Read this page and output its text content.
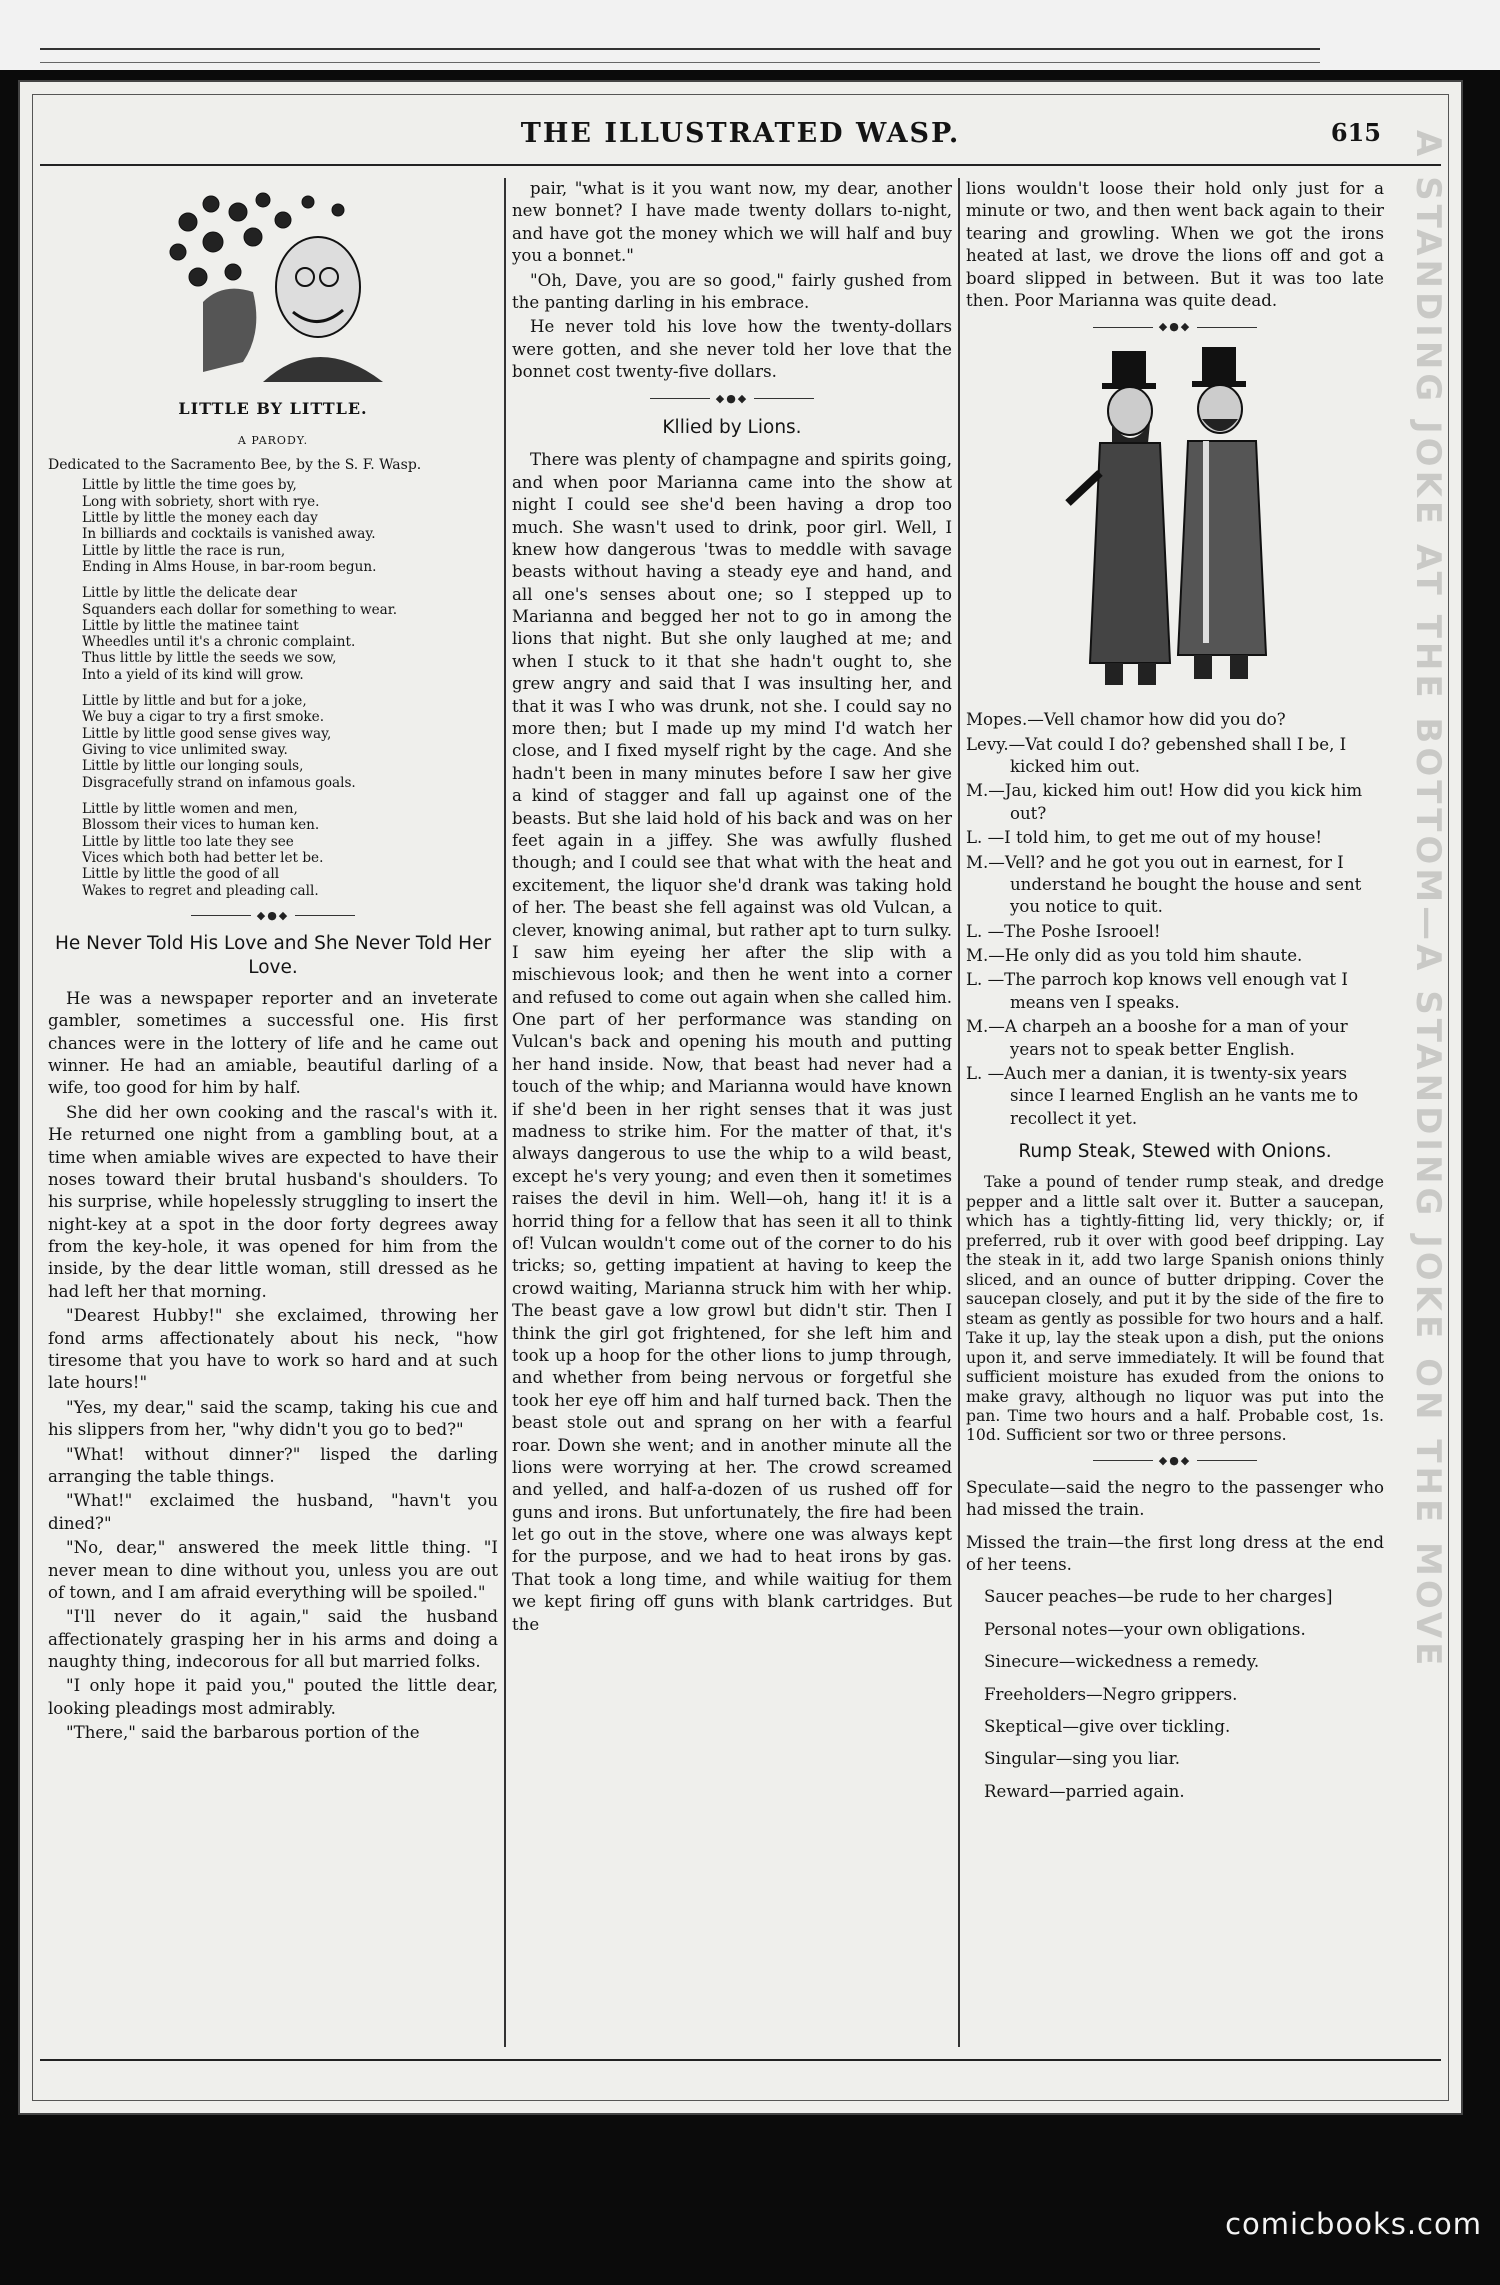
THE ILLUSTRATED WASP.	615
LITTLE BY LITTLE.
A PARODY.

Dedicated to the Sacramento Bee, by the S. F. Wasp.

Little by little the time goes by,
Long with sobriety, short with rye.
Little by little the money each day
In billiards and cocktails is vanished away.
Little by little the race is run,
Ending in Alms House, in bar-room begun.
Little by little the delicate dear
Squanders each dollar for something to wear.
Little by little the matinee taint
Wheedles until it's a chronic complaint.
Thus little by little the seeds we sow,
Into a yield of its kind will grow.
Little by little and but for a joke,
We buy a cigar to try a first smoke.
Little by little good sense gives way,
Giving to vice unlimited sway.
Little by little our longing souls,
Disgracefully strand on infamous goals.
Little by little women and men,
Blossom their vices to human ken.
Little by little too late they see
Vices which both had better let be.
Little by little the good of all
Wakes to regret and pleading call.
◆●◆
He Never Told His Love and She Never Told Her Love.

He was a newspaper reporter and an inveterate gambler, sometimes a successful one. His first chances were in the lottery of life and he came out winner. He had an amiable, beautiful darling of a wife, too good for him by half.

She did her own cooking and the rascal's with it. He returned one night from a gambling bout, at a time when amiable wives are expected to have their noses toward their brutal husband's shoulders. To his surprise, while hopelessly struggling to insert the night-key at a spot in the door forty degrees away from the key-hole, it was opened for him from the inside, by the dear little woman, still dressed as he had left her that morning.

"Dearest Hubby!" she exclaimed, throwing her fond arms affectionately about his neck, "how tiresome that you have to work so hard and at such late hours!"

"Yes, my dear," said the scamp, taking his cue and his slippers from her, "why didn't you go to bed?"

"What! without dinner?" lisped the darling arranging the table things.

"What!" exclaimed the husband, "havn't you dined?"

"No, dear," answered the meek little thing. "I never mean to dine without you, unless you are out of town, and I am afraid everything will be spoiled."

"I'll never do it again," said the husband affectionately grasping her in his arms and doing a naughty thing, indecorous for all but married folks.

"I only hope it paid you," pouted the little dear, looking pleadings most admirably.

"There," said the barbarous portion of the

pair, "what is it you want now, my dear, another new bonnet? I have made twenty dollars to-night, and have got the money which we will half and buy you a bonnet."

"Oh, Dave, you are so good," fairly gushed from the panting darling in his embrace.

He never told his love how the twenty-dollars were gotten, and she never told her love that the bonnet cost twenty-five dollars.

◆●◆
Kllied by Lions.

There was plenty of champagne and spirits going, and when poor Marianna came into the show at night I could see she'd been having a drop too much. She wasn't used to drink, poor girl. Well, I knew how dangerous 'twas to meddle with savage beasts without having a steady eye and hand, and all one's senses about one; so I stepped up to Marianna and begged her not to go in among the lions that night. But she only laughed at me; and when I stuck to it that she hadn't ought to, she grew angry and said that I was insulting her, and that it was I who was drunk, not she. I could say no more then; but I made up my mind I'd watch her close, and I fixed myself right by the cage. And she hadn't been in many minutes before I saw her give a kind of stagger and fall up against one of the beasts. But she laid hold of his back and was on her feet again in a jiffey. She was awfully flushed though; and I could see that what with the heat and excitement, the liquor she'd drank was taking hold of her. The beast she fell against was old Vulcan, a clever, knowing animal, but rather apt to turn sulky. I saw him eyeing her after the slip with a mischievous look; and then he went into a corner and refused to come out again when she called him. One part of her performance was standing on Vulcan's back and opening his mouth and putting her hand inside. Now, that beast had never had a touch of the whip; and Marianna would have known if she'd been in her right senses that it was just madness to strike him. For the matter of that, it's always dangerous to use the whip to a wild beast, except he's very young; and even then it sometimes raises the devil in him. Well—oh, hang it! it is a horrid thing for a fellow that has seen it all to think of! Vulcan wouldn't come out of the corner to do his tricks; so, getting impatient at having to keep the crowd waiting, Marianna struck him with her whip. The beast gave a low growl but didn't stir. Then I think the girl got frightened, for she left him and took up a hoop for the other lions to jump through, and whether from being nervous or forgetful she took her eye off him and half turned back. Then the beast stole out and sprang on her with a fearful roar. Down she went; and in another minute all the lions were worrying at her. The crowd screamed and yelled, and half-a-dozen of us rushed off for guns and irons. But unfortunately, the fire had been let go out in the stove, where one was always kept for the purpose, and we had to heat irons by gas. That took a long time, and while waitiug for them we kept firing off guns with blank cartridges. But the

lions wouldn't loose their hold only just for a minute or two, and then went back again to their tearing and growling. When we got the irons heated at last, we drove the lions off and got a board slipped in between. But it was too late then. Poor Marianna was quite dead.

◆●◆
Mopes.—Vell chamor how did you do?
Levy.—Vat could I do? gebenshed shall I be, I kicked him out.
M.—Jau, kicked him out! How did you kick him out?
L. —I told him, to get me out of my house!
M.—Vell? and he got you out in earnest, for I understand he bought the house and sent you notice to quit.
L. —The Poshe Isrooel!
M.—He only did as you told him shaute.
L. —The parroch kop knows vell enough vat I means ven I speaks.
M.—A charpeh an a booshe for a man of your years not to speak better English.
L. —Auch mer a danian, it is twenty-six years since I learned English an he vants me to recollect it yet.
Rump Steak, Stewed with Onions.

Take a pound of tender rump steak, and dredge pepper and a little salt over it. Butter a saucepan, which has a tightly-fitting lid, very thickly; or, if preferred, rub it over with good beef dripping. Lay the steak in it, add two large Spanish onions thinly sliced, and an ounce of butter dripping. Cover the saucepan closely, and put it by the side of the fire to steam as gently as possible for two hours and a half. Take it up, lay the steak upon a dish, put the onions upon it, and serve immediately. It will be found that sufficient moisture has exuded from the onions to make gravy, although no liquor was put into the pan. Time two hours and a half. Probable cost, 1s. 10d. Sufficient sor two or three persons.

◆●◆

Speculate—said the negro to the passenger who had missed the train.

Missed the train—the first long dress at the end of her teens.

Saucer peaches—be rude to her charges]
Personal notes—your own obligations.
Sinecure—wickedness a remedy.
Freeholders—Negro grippers.
Skeptical—give over tickling.
Singular—sing you liar.
Reward—parried again.
A STANDING JOKE AT THE BOTTOM—A STANDING JOKE ON THE MOVE
comicbooks.com
